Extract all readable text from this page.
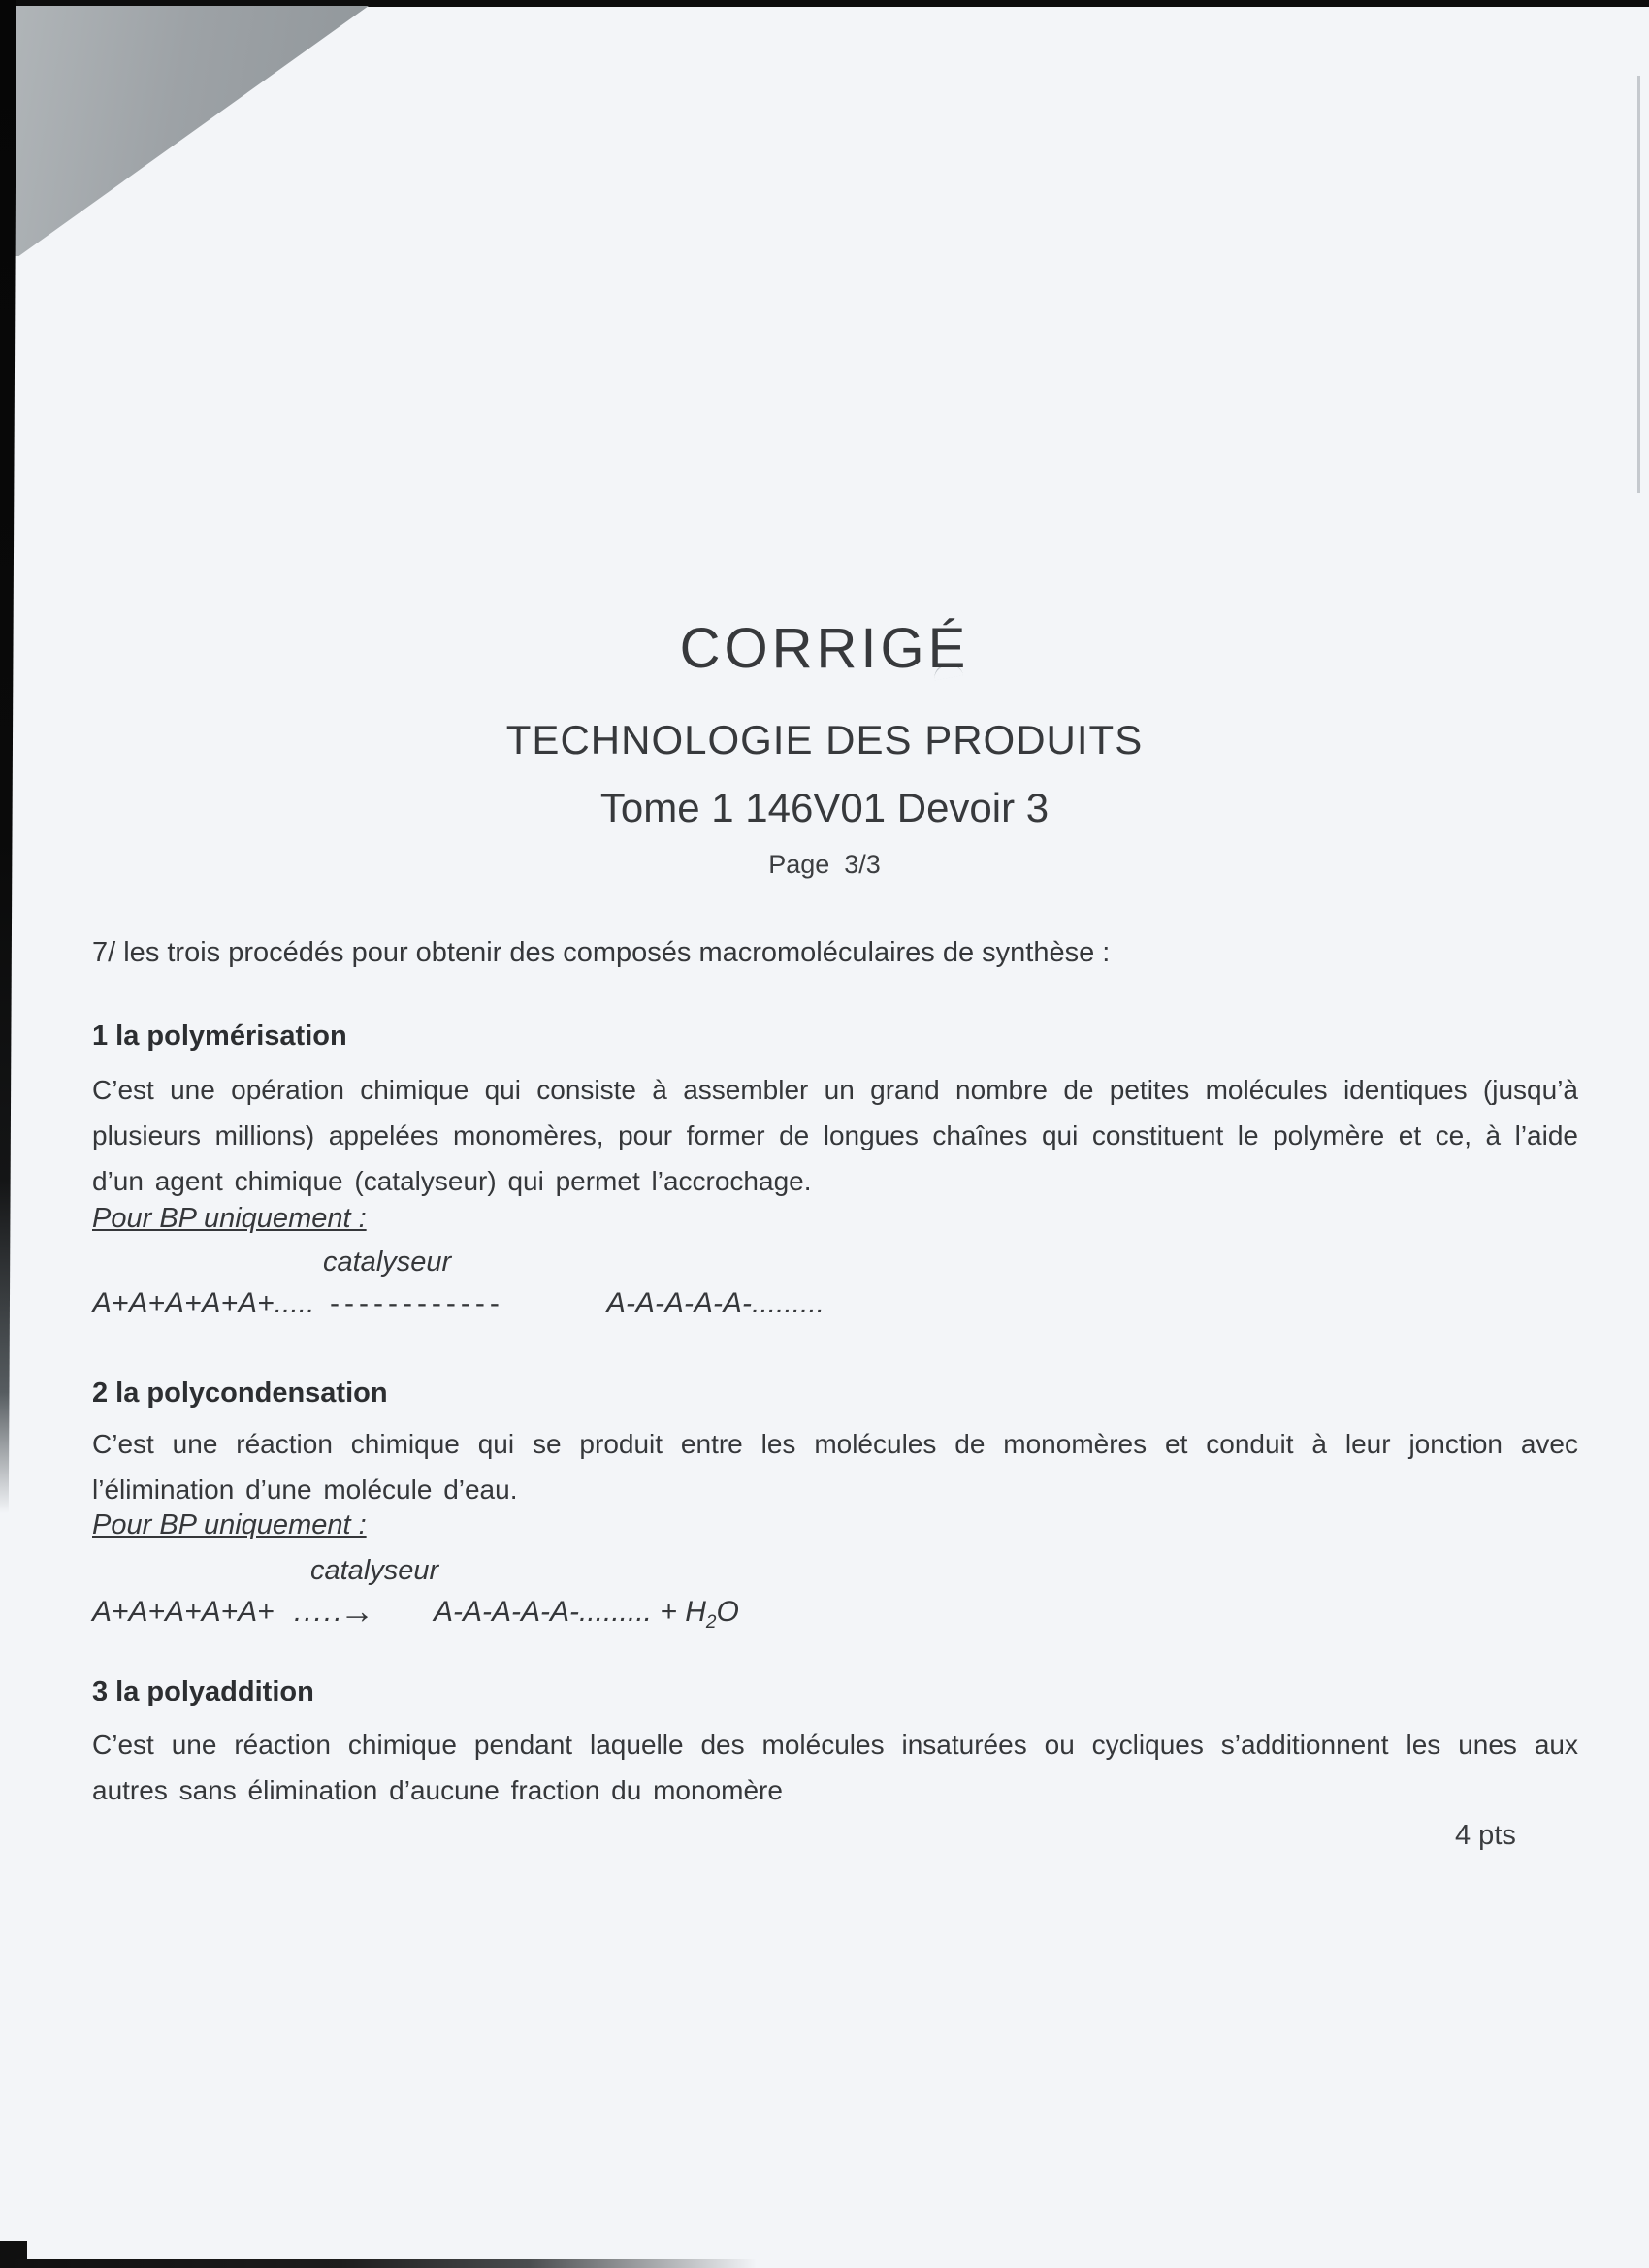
CORRIGÉ
TECHNOLOGIE DES PRODUITS
Tome 1 146V01 Devoir 3
Page  3/3
7/ les trois procédés pour obtenir des composés macromoléculaires de synthèse :
1 la polymérisation
C’est une opération chimique qui consiste à assembler un grand nombre de petites molécules identiques (jusqu’à plusieurs millions) appelées monomères, pour former de longues chaînes qui constituent le polymère et ce, à l’aide d’un agent chimique (catalyseur) qui permet l’accrochage.
Pour BP uniquement :
catalyseur
A+A+A+A+A+..... ------------	A-A-A-A-A-.........
2 la polycondensation
C’est une réaction chimique qui se produit entre les molécules de monomères et conduit à leur jonction avec l’élimination d’une molécule d’eau.
Pour BP uniquement :
catalyseur
A+A+A+A+A+ .....
→ A-A-A-A-A-......... + $H_2O$
3 la polyaddition
C’est une réaction chimique pendant laquelle des molécules insaturées ou cycliques s’additionnent les unes aux autres sans élimination d’aucune fraction du monomère
4 pts
